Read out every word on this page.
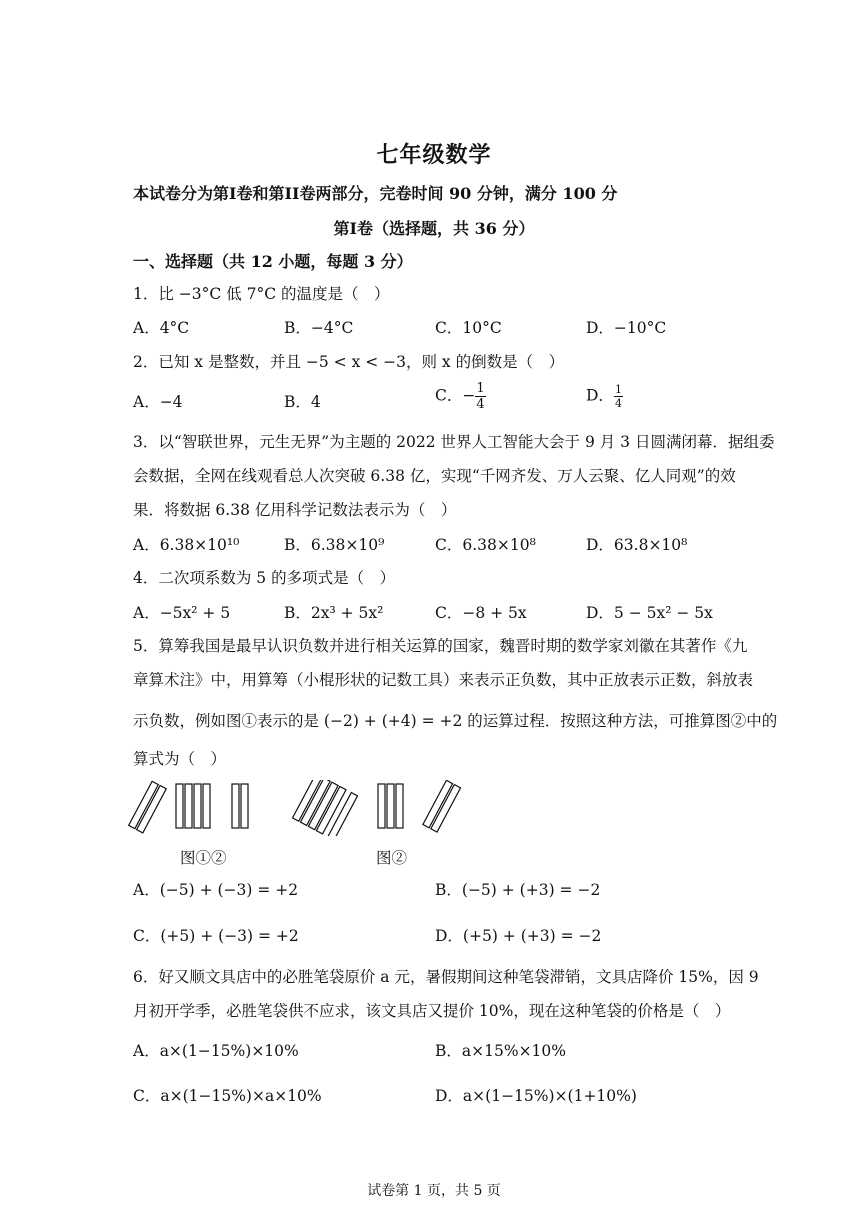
七年级数学
本试卷分为第I卷和第II卷两部分，完卷时间 90 分钟，满分 100 分
第I卷（选择题，共 36 分）
一、选择题（共 12 小题，每题 3 分）
1．比 −3°C 低 7°C 的温度是（　）
A．4°C	B．−4°C	C．10°C	D．−10°C
2．已知 x 是整数，并且 −5 < x < −3，则 x 的倒数是（　）
A．−4	B．4	C．− $\frac{1}{4}$	D． $\frac{1}{4}$
3．以“智联世界，元生无界”为主题的 2022 世界人工智能大会于 9 月 3 日圆满闭幕．据组委
会数据，全网在线观看总人次突破 6.38 亿，实现“千网齐发、万人云聚、亿人同观”的效
果．将数据 6.38 亿用科学记数法表示为（　）
A．6.38×10¹⁰	B．6.38×10⁹	C．6.38×10⁸	D．63.8×10⁸
4．二次项系数为 5 的多项式是（　）
A．−5x² + 5	B．2x³ + 5x²	C．−8 + 5x	D．5 − 5x² − 5x
5．算筹我国是最早认识负数并进行相关运算的国家，魏晋时期的数学家刘徽在其著作《九
章算术注》中，用算筹（小棍形状的记数工具）来表示正负数，其中正放表示正数，斜放表
示负数，例如图①表示的是 (−2) + (+4) = +2 的运算过程．按照这种方法，可推算图②中的
算式为（　）
图①②	图②
A．(−5) + (−3) = +2	B．(−5) + (+3) = −2
C．(+5) + (−3) = +2	D．(+5) + (+3) = −2
6．好又顺文具店中的必胜笔袋原价 a 元，暑假期间这种笔袋滞销，文具店降价 15%，因 9
月初开学季，必胜笔袋供不应求，该文具店又提价 10%，现在这种笔袋的价格是（　）
A．a×(1−15%)×10%	B．a×15%×10%
C．a×(1−15%)×a×10%	D．a×(1−15%)×(1+10%)
试卷第 1 页，共 5 页
